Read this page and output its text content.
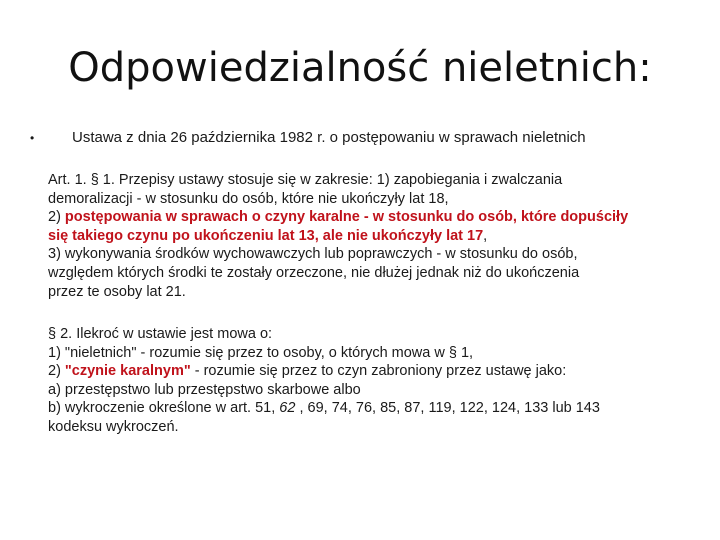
Odpowiedzialność nieletnich:
•	Ustawa z dnia 26 października 1982 r. o postępowaniu w sprawach nieletnich
Art. 1. § 1. Przepisy ustawy stosuje się w zakresie: 1) zapobiegania i zwalczania
demoralizacji - w stosunku do osób, które nie ukończyły lat 18,
2) postępowania w sprawach o czyny karalne - w stosunku do osób, które dopuściły
się takiego czynu po ukończeniu lat 13, ale nie ukończyły lat 17,
3) wykonywania środków wychowawczych lub poprawczych - w stosunku do osób,
względem których środki te zostały orzeczone, nie dłużej jednak niż do ukończenia
przez te osoby lat 21.
§ 2. Ilekroć w ustawie jest mowa o:
1) "nieletnich" - rozumie się przez to osoby, o których mowa w § 1,
2) "czynie karalnym" - rozumie się przez to czyn zabroniony przez ustawę jako:
a) przestępstwo lub przestępstwo skarbowe albo
b) wykroczenie określone w art. 51, 62 , 69, 74, 76, 85, 87, 119, 122, 124, 133 lub 143
kodeksu wykroczeń.
